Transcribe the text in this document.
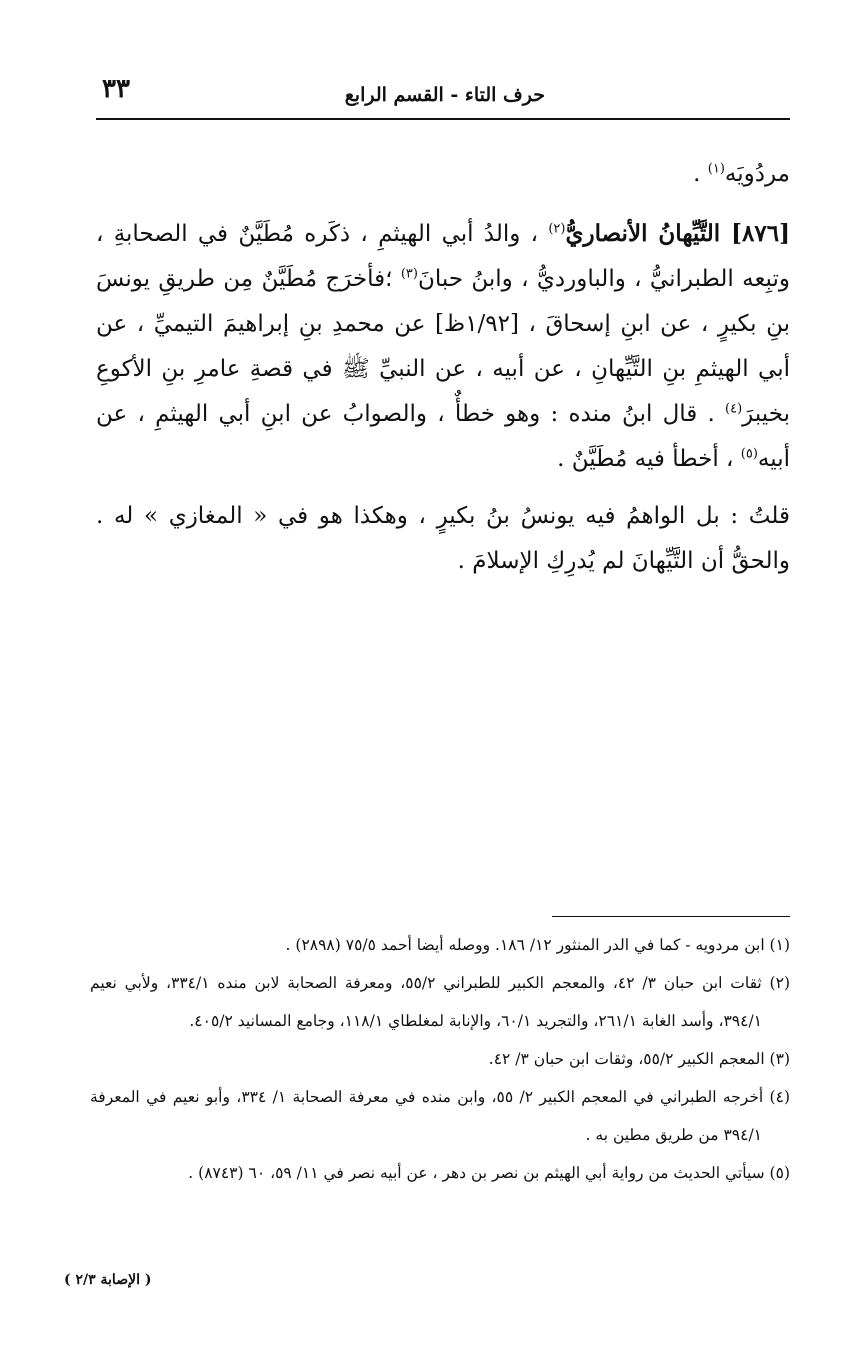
حرف التاء - القسم الرابع
٣٣

مردُويَه$^{(١)}$ .

[٨٧٦] التَّيِّهانُ الأنصاريُّ$^{(٢)}$ ، والدُ أبي الهيثمِ ، ذكَره مُطَيَّنٌ في الصحابةِ ، وتبِعه الطبرانيُّ ، والباورديُّ ، وابنُ حبانَ$^{(٣)}$ ؛فأخرَج مُطَيَّنٌ مِن طريقِ يونسَ بنِ بكيرٍ ، عن ابنِ إسحاقَ ، [١/٩٢ظ] عن محمدِ بنِ إبراهيمَ التيميِّ ، عن أبي الهيثمِ بنِ التَّيِّهانِ ، عن أبيه ، عن النبيِّ ﷺ في قصةِ عامرِ بنِ الأكوعِ بخيبرَ$^{(٤)}$ . قال ابنُ منده : وهو خطأٌ ، والصوابُ عن ابنِ أبي الهيثمِ ، عن أبيه$^{(٥)}$ ، أخطأ فيه مُطَيَّنٌ .

قلتُ : بل الواهمُ فيه يونسُ بنُ بكيرٍ ، وهكذا هو في « المغازي » له . والحقُّ أن التَّيِّهانَ لم يُدرِكِ الإسلامَ .

(١) ابن مردويه - كما في الدر المنثور ١٢/ ١٨٦. ووصله أيضا أحمد ٧٥/٥ (٢٨٩٨) .

(٢) ثقات ابن حبان ٣/ ٤٢، والمعجم الكبير للطبراني ٥٥/٢، ومعرفة الصحابة لابن منده ٣٣٤/١، ولأبي نعيم ٣٩٤/١، وأسد الغابة ٢٦١/١، والتجريد ٦٠/١، والإنابة لمغلطاي ١١٨/١، وجامع المسانيد ٤٠٥/٢.

(٣) المعجم الكبير ٥٥/٢، وثقات ابن حبان ٣/ ٤٢.

(٤) أخرجه الطبراني في المعجم الكبير ٢/ ٥٥، وابن منده في معرفة الصحابة ١/ ٣٣٤، وأبو نعيم في المعرفة ٣٩٤/١ من طريق مطين به .

(٥) سيأتي الحديث من رواية أبي الهيثم بن نصر بن دهر ، عن أبيه نصر في ١١/ ٥٩، ٦٠ (٨٧٤٣) .

( الإصابة ٢/٣ )
